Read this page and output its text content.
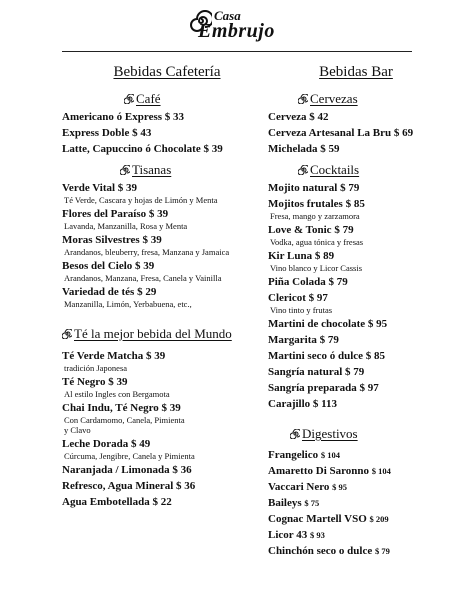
Casa
Embrujo
Bebidas Cafetería
Café
Americano ó Express $ 33
Express Doble $ 43
Latte, Capuccino ó Chocolate $ 39
Tisanas
Verde Vital $ 39
Té Verde, Cascara y hojas de Limón y Menta
Flores del Paraíso $ 39
Lavanda, Manzanilla, Rosa y Menta
Moras Silvestres $ 39
Arandanos, bleuberry, fresa, Manzana y Jamaica
Besos del Cielo $ 39
Arandanos, Manzana, Fresa, Canela y Vainilla
Variedad de tés $ 29
Manzanilla, Limón, Yerbabuena, etc.,
Té la mejor bebida del Mundo
Té Verde Matcha $ 39
tradición Japonesa
Té Negro $ 39
Al estilo Ingles con Bergamota
Chai Indu, Té Negro $ 39
Con Cardamomo, Canela, Pimienta
y Clavo
Leche Dorada $ 49
Cúrcuma, Jengibre, Canela y Pimienta
Naranjada / Limonada $ 36
Refresco, Agua Mineral $ 36
Agua Embotellada $ 22
Bebidas Bar
Cervezas
Cerveza $ 42
Cerveza Artesanal La Bru $ 69
Michelada $ 59
Cocktails
Mojito natural $ 79
Mojitos frutales $ 85
Fresa, mango y zarzamora
Love & Tonic $ 79
Vodka, agua tónica y fresas
Kir Luna $ 89
Vino blanco y Licor Cassis
Piña Colada $ 79
Clericot $ 97
Vino tinto y frutas
Martini de chocolate $ 95
Margarita $ 79
Martini seco ó dulce $ 85
Sangría natural $ 79
Sangría preparada $ 97
Carajillo $ 113
Digestivos
Frangelico $ 104
Amaretto Di Saronno $ 104
Vaccari Nero $ 95
Baileys $ 75
Cognac Martell VSO $ 209
Licor 43 $ 93
Chinchón seco o dulce $ 79
